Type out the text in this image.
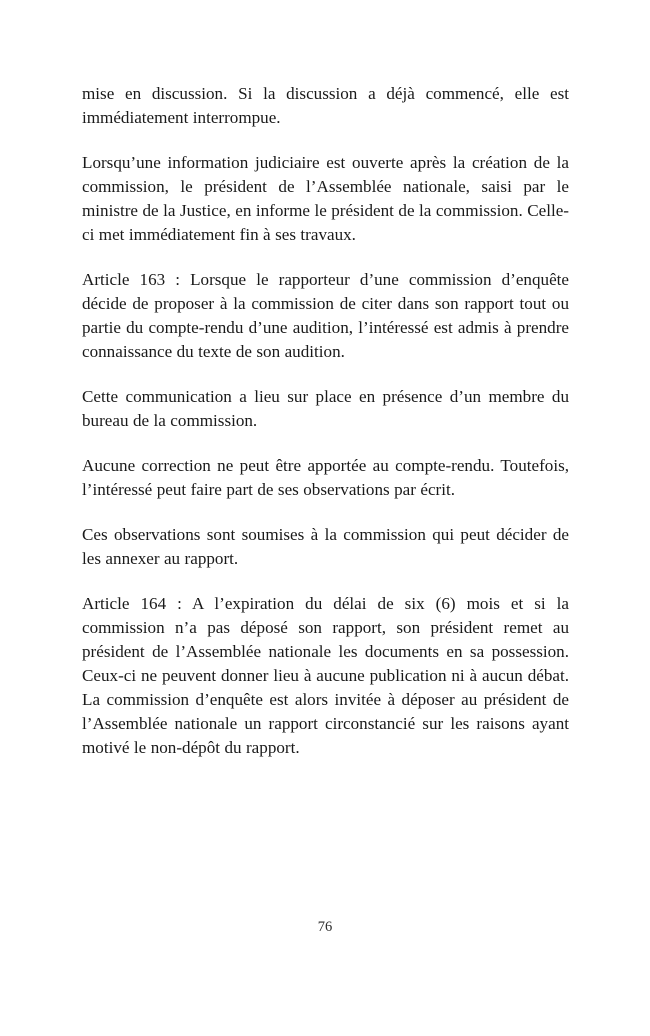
mise en discussion. Si la discussion a déjà commencé, elle est immédiatement interrompue.

Lorsqu’une information judiciaire est ouverte après la création de la commission, le président de l’Assemblée nationale, saisi par le ministre de la Justice, en informe le président de la commission. Celle-ci met immédiatement fin à ses travaux.

Article 163 : Lorsque le rapporteur d’une commission d’enquête décide de proposer à la commission de citer dans son rapport tout ou partie du compte-rendu d’une audition, l’intéressé est admis à prendre connaissance du texte de son audition.

Cette communication a lieu sur place en présence d’un membre du bureau de la commission.

Aucune correction ne peut être apportée au compte-rendu. Toutefois, l’intéressé peut faire part de ses observations par écrit.

Ces observations sont soumises à la commission qui peut décider de les annexer au rapport.

Article 164 : A l’expiration du délai de six (6) mois et si la commission n’a pas déposé son rapport, son président remet au président de l’Assemblée nationale les documents en sa possession. Ceux-ci ne peuvent donner lieu à aucune publication ni à aucun débat. La commission d’enquête est alors invitée à déposer au président de l’Assemblée nationale un rapport circonstancié sur les raisons ayant motivé le non-dépôt du rapport.

76
